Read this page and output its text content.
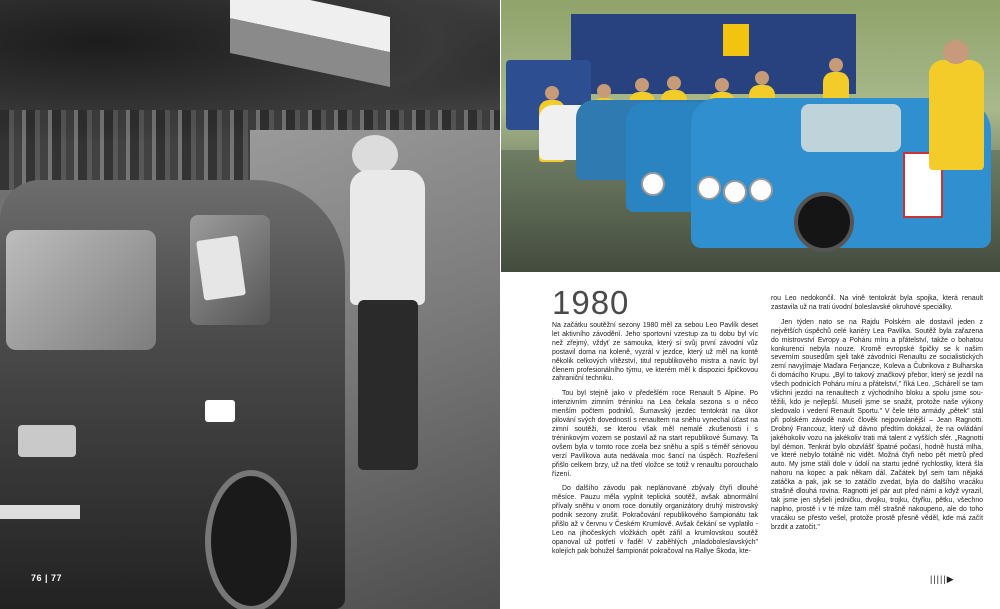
76 | 77
1980

Na začátku soutěžní sezony 1980 měl za sebou Leo Pavlík deset let aktivního závodění. Jeho sportovní vzestup za tu dobu byl víc než zřejmý, vždyť ze samouka, který si svůj první závodní vůz postavil doma na koleně, vyzrál v jezdce, který už měl na kontě několik celkových vítězství, titul republikového mistra a navíc byl členem profesionálního týmu, ve kterém měl k dispozici špičkovou zahraniční techniku.

Tou byl stejně jako v předešlém roce Renault 5 Alpine. Po intenzivním zimním tréninku na Lea čekala sezona s o něco menším počtem podniků. Šumavský jezdec tentokrát na úkor pilování svých dovedností s renaultem na sněhu vynechal účast na zimní soutěži, se kterou však měl nemalé zkušenosti i s tréninkovým vozem se postavil až na start republikové Šumavy. Ta ovšem byla v tomto roce zcela bez sněhu a spíš s téměř sériovou verzí Pavlíkova auta nedávala moc šancí na úspěch. Rozřešení přišlo celkem brzy, už na třetí vložce se totiž v renaultu porouchalo řízení.

Do dalšího závodu pak neplánované zbývaly čtyři dlouhé měsíce. Pauzu měla vyplnit teplická soutěž, avšak abnormální přívaly sněhu v onom roce donutily organizátory druhý mistrovský podnik sezony zrušit. Pokračování republikového šampionátu tak přišlo až v červnu v Českém Krumlově. Avšak čekání se vyplatilo - Leo na jihočeských vložkách opět zářil a krumlovskou soutěž opanoval už potřetí v řadě! V zaběhlých „mladoboleslavských" kolejích pak bohužel šampionát pokračoval na Rallye Škoda, kte-

rou Leo nedokončil. Na vině tentokrát byla spojka, která renault zastavila už na trati úvodní boleslavské okruhové speciálky.

Jen týden nato se na Rajdu Polském ale dostavil jeden z největších úspěchů celé kariéry Lea Pavlíka. Soutěž byla zařazena do mistrovství Evropy a Poháru míru a přátelství, takže o bohatou konkurenci nebyla nouze. Kromě evropské špičky se k našim severním sousedům sjeli také závodníci Renaultu ze socialistických zemí navyjímaje Maďara Ferjancze, Koleva a Čubrikova z Bulharska či domácího Krupu. „Byl to takový značkový přebor, který se jezdil na všech podnicích Poháru míru a přátelství," říká Leo. „Schárelí se tam všichni jezdci na renaultech z východního bloku a spolu jsme sou-těžili, kdo je nejlepší. Museli jsme se snažit, protože naše výkony sledovalo i vedení Renault Sportu." V čele této armády „pětek" stál při polském závodě navíc člověk nejpovolanější – Jean Ragnotti. Drobný Francouz, který už dávno předtím dokázal, že na ovládání jakéhokoliv vozu na jakékoliv trati má talent z vyšších sfér. „Ragnotti byl démon. Tenkrát bylo obzvlášť špatné počasí, hodně hustá mlha, ve které nebylo totálně nic vidět. Možná čtyři nebo pět metrů před auto. My jsme stáli dole v údolí na startu jedné rychlostky, která šla nahoru na kopec a pak někam dál. Začátek byl sem tam nějaká zatáčka a pak, jak se to zatáčlo zvedat, byla do dalšího vracáku strašně dlouhá rovina. Ragnotti jel pár aut před námi a když vyrazil, tak jsme jen slyšeli jedničku, dvojku, trojku, čtyřku, pětku, všechno naplno, prostě i v té mlze tam měl strašně nakoupeno, ale do toho vracáku se přesto vešel, protože prostě přesně věděl, kde má začít brzdit a zatočit."

|||||▶
